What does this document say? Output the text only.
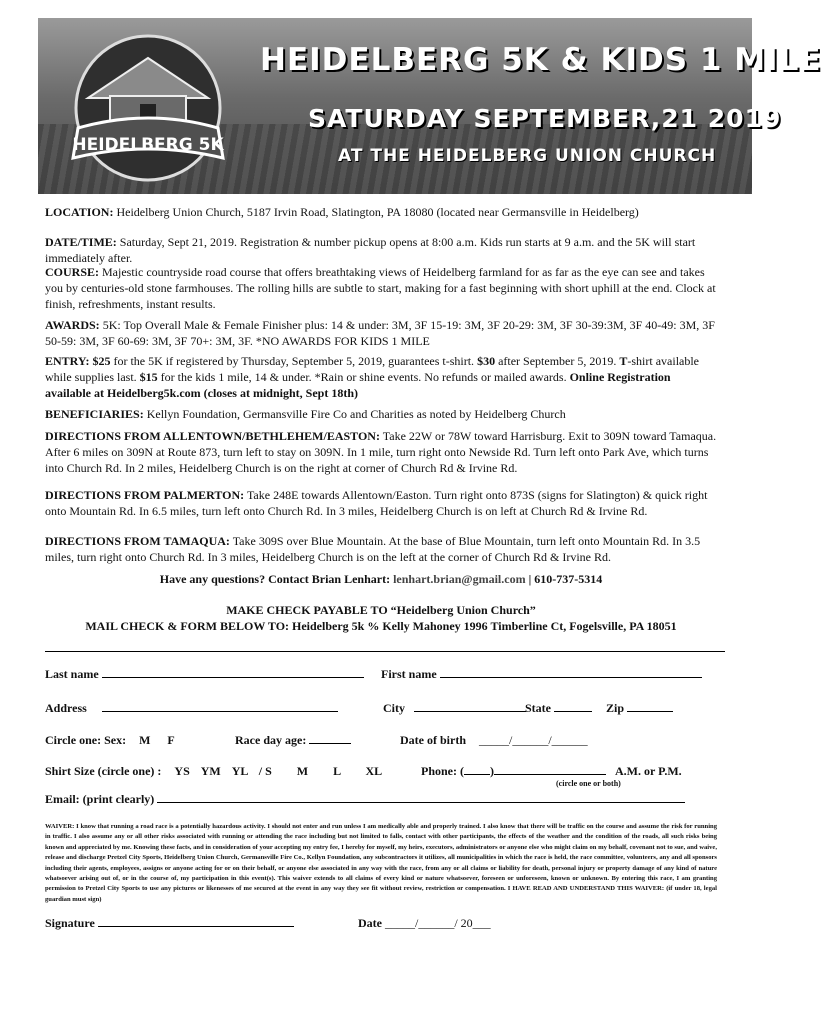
HEIDELBERG 5K
HEIDELBERG 5K & KIDS 1 MILE
SATURDAY SEPTEMBER,21 2019
AT THE HEIDELBERG UNION CHURCH

LOCATION: Heidelberg Union Church, 5187 Irvin Road, Slatington, PA 18080 (located near Germansville in Heidelberg)

DATE/TIME: Saturday, Sept 21, 2019. Registration & number pickup opens at 8:00 a.m. Kids run starts at 9 a.m. and the 5K will start immediately after.

COURSE: Majestic countryside road course that offers breathtaking views of Heidelberg farmland for as far as the eye can see and takes you by centuries-old stone farmhouses. The rolling hills are subtle to start, making for a fast beginning with short uphill at the end. Clock at finish, refreshments, instant results.

AWARDS: 5K: Top Overall Male & Female Finisher plus: 14 & under: 3M, 3F 15-19: 3M, 3F 20-29: 3M, 3F 30-39:3M, 3F 40-49: 3M, 3F 50-59: 3M, 3F 60-69: 3M, 3F 70+: 3M, 3F. *NO AWARDS FOR KIDS 1 MILE

ENTRY: $25 for the 5K if registered by Thursday, September 5, 2019, guarantees t-shirt. $30 after September 5, 2019. T-shirt available while supplies last. $15 for the kids 1 mile, 14 & under. *Rain or shine events. No refunds or mailed awards. Online Registration available at Heidelberg5k.com (closes at midnight, Sept 18th)

BENEFICIARIES: Kellyn Foundation, Germansville Fire Co and Charities as noted by Heidelberg Church

DIRECTIONS FROM ALLENTOWN/BETHLEHEM/EASTON: Take 22W or 78W toward Harrisburg. Exit to 309N toward Tamaqua. After 6 miles on 309N at Route 873, turn left to stay on 309N. In 1 mile, turn right onto Newside Rd. Turn left onto Park Ave, which turns into Church Rd. In 2 miles, Heidelberg Church is on the right at corner of Church Rd & Irvine Rd.

DIRECTIONS FROM PALMERTON: Take 248E towards Allentown/Easton. Turn right onto 873S (signs for Slatington) & quick right onto Mountain Rd. In 6.5 miles, turn left onto Church Rd. In 3 miles, Heidelberg Church is on left at Church Rd & Irvine Rd.

DIRECTIONS FROM TAMAQUA: Take 309S over Blue Mountain. At the base of Blue Mountain, turn left onto Mountain Rd. In 3.5 miles, turn right onto Church Rd. In 3 miles, Heidelberg Church is on the left at the corner of Church Rd & Irvine Rd.

Have any questions? Contact Brian Lenhart: lenhart.brian@gmail.com | 610-737-5314

MAKE CHECK PAYABLE TO “Heidelberg Union Church”

MAIL CHECK & FORM BELOW TO: Heidelberg 5k % Kelly Mahoney 1996 Timberline Ct, Fogelsville, PA 18051

Last name	First name
Address	City	State	Zip
Circle one: Sex: M F	Race day age:	Date of birth _____/______/______
Shirt Size (circle one) : YS YM YL / S M L XL	Phone: ( )	A.M. or P.M.
(circle one or both)
Email: (print clearly)

WAIVER: I know that running a road race is a potentially hazardous activity. I should not enter and run unless I am medically able and properly trained. I also know that there will be traffic on the course and assume the risk for running in traffic. I also assume any or all other risks associated with running or attending the race including but not limited to falls, contact with other participants, the effects of the weather and the condition of the roads, all such risks being known and appreciated by me. Knowing these facts, and in consideration of your accepting my entry fee, I hereby for myself, my heirs, executors, administrators or anyone else who might claim on my behalf, covenant not to sue, and waive, release and discharge Pretzel City Sports, Heidelberg Union Church, Germansville Fire Co., Kellyn Foundation, any subcontractors it utilizes, all municipalities in which the race is held, the race committee, volunteers, any and all sponsors including their agents, employees, assigns or anyone acting for or on their behalf, or anyone else associated in any way with the race, from any or all claims or liability for death, personal injury or property damage of any kind of nature whatsoever arising out of, or in the course of, my participation in this event(s). This waiver extends to all claims of every kind or nature whatsoever, foreseen or unforeseen, known or unknown. By entering this race, I am granting permission to Pretzel City Sports to use any pictures or likenesses of me secured at the event in any way they see fit without review, restriction or compensation. I HAVE READ AND UNDERSTAND THIS WAIVER: (if under 18, legal guardian must sign)

Signature	Date _____/______/ 20___
